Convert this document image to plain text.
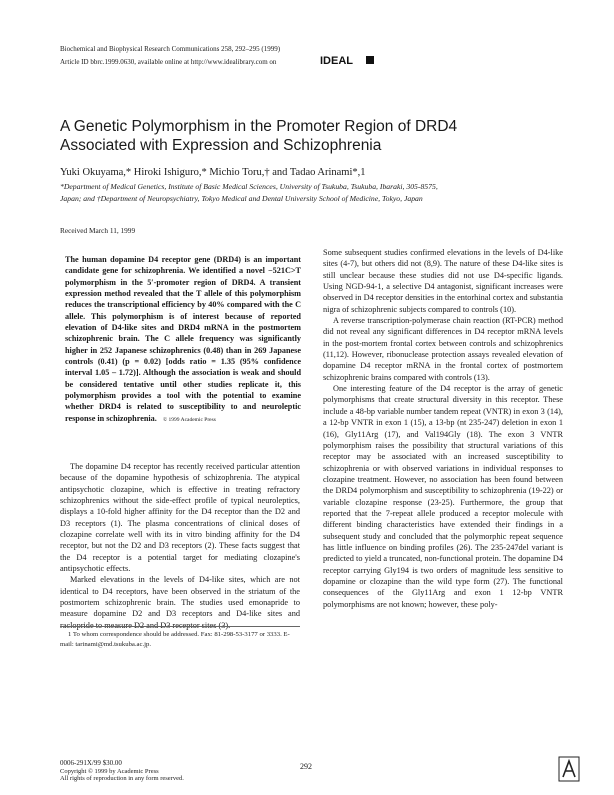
Biochemical and Biophysical Research Communications 258, 292–295 (1999)
Article ID bbrc.1999.0630, available online at http://www.idealibrary.com on	IDEAL
A Genetic Polymorphism in the Promoter Region of DRD4
Associated with Expression and Schizophrenia
Yuki Okuyama,* Hiroki Ishiguro,* Michio Toru,† and Tadao Arinami*,1
*Department of Medical Genetics, Institute of Basic Medical Sciences, University of Tsukuba, Tsukuba, Ibaraki, 305-8575,
Japan; and †Department of Neuropsychiatry, Tokyo Medical and Dental University School of Medicine, Tokyo, Japan
Received March 11, 1999
The human dopamine D4 receptor gene (DRD4) is an important candidate gene for schizophrenia. We identified a novel −521C>T polymorphism in the 5′-promoter region of DRD4. A transient expression method revealed that the T allele of this polymorphism reduces the transcriptional efficiency by 40% compared with the C allele. This polymorphism is of interest because of reported elevation of D4-like sites and DRD4 mRNA in the postmortem schizophrenic brain. The C allele frequency was significantly higher in 252 Japanese schizophrenics (0.48) than in 269 Japanese controls (0.41) (p = 0.02) [odds ratio = 1.35 (95% confidence interval 1.05 – 1.72)]. Although the association is weak and should be considered tentative until other studies replicate it, this polymorphism provides a tool with the potential to examine whether DRD4 is related to susceptibility to and neuroleptic response in schizophrenia. © 1999 Academic Press

The dopamine D4 receptor has recently received particular attention because of the dopamine hypothesis of schizophrenia. The atypical antipsychotic clozapine, which is effective in treating refractory schizophrenics without the side-effect profile of typical neuroleptics, displays a 10-fold higher affinity for the D4 receptor than the D2 and D3 receptors (1). The plasma concentrations of clinical doses of clozapine correlate well with its in vitro binding affinity for the D4 receptor, but not the D2 and D3 receptors (2). These facts suggest that the D4 receptor is a potential target for mediating clozapine's antipsychotic effects.

Marked elevations in the levels of D4-like sites, which are not identical to D4 receptors, have been observed in the striatum of the postmortem schizophrenic brain. The studies used emonapride to measure dopamine D2 and D3 receptors and D4-like sites and raclopride to measure D2 and D3 receptor sites (3).

1 To whom correspondence should be addressed. Fax: 81-298-53-3177 or 3333. E-mail: tarinami@md.tsukuba.ac.jp.

Some subsequent studies confirmed elevations in the levels of D4-like sites (4-7), but others did not (8,9). The nature of these D4-like sites is still unclear because these studies did not use D4-specific ligands. Using NGD-94-1, a selective D4 antagonist, significant increases were observed in D4 receptor densities in the entorhinal cortex and substantia nigra of schizophrenic subjects compared to controls (10).

A reverse transcription-polymerase chain reaction (RT-PCR) method did not reveal any significant differences in D4 receptor mRNA levels in the post-mortem frontal cortex between controls and schizophrenics (11,12). However, ribonuclease protection assays revealed elevation of dopamine D4 receptor mRNA in the frontal cortex of postmortem schizophrenic brains compared with controls (13).

One interesting feature of the D4 receptor is the array of genetic polymorphisms that create structural diversity in this receptor. These include a 48-bp variable number tandem repeat (VNTR) in exon 3 (14), a 12-bp VNTR in exon 1 (15), a 13-bp (nt 235-247) deletion in exon 1 (16), Gly11Arg (17), and Val194Gly (18). The exon 3 VNTR polymorphism raises the possibility that structural variations of this receptor may be associated with an increased susceptibility to schizophrenia or with observed variations in individual responses to clozapine treatment. However, no association has been found between the DRD4 polymorphism and susceptibility to schizophrenia (19-22) or variable clozapine response (23-25). Furthermore, the group that reported that the 7-repeat allele produced a receptor molecule with different binding characteristics have extended their findings in a subsequent study and concluded that the polymorphic repeat sequence has little influence on binding profiles (26). The 235-247del variant is predicted to yield a truncated, non-functional protein. The dopamine D4 receptor carrying Gly194 is two orders of magnitude less sensitive to dopamine or clozapine than the wild type form (27). The functional consequences of the Gly11Arg and exon 1 12-bp VNTR polymorphisms are not known; however, these poly-

0006-291X/99 $30.00
Copyright © 1999 by Academic Press
All rights of reproduction in any form reserved.
292
